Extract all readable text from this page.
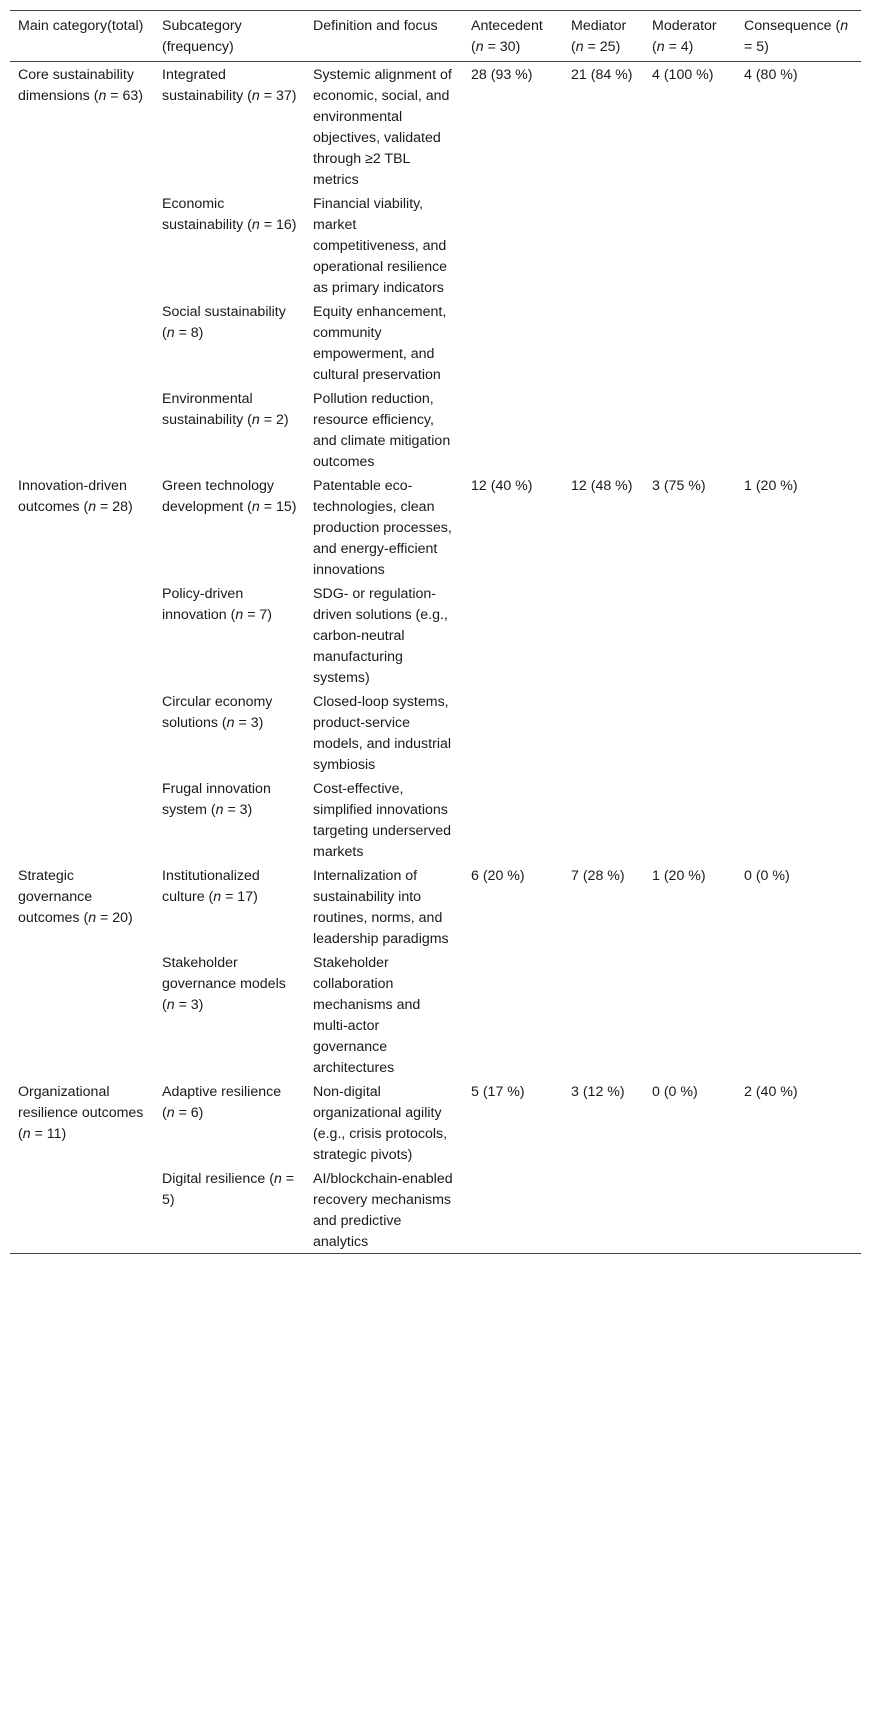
Main category(total)	Subcategory (frequency)	Definition and focus	Antecedent (n = 30)	Mediator (n = 25)	Moderator (n = 4)	Consequence (n = 5)
Core sustainability dimensions (n = 63)	Integrated sustainability (n = 37)	Systemic alignment of economic, social, and environmental objectives, validated through ≥2 TBL metrics	28 (93 %)	21 (84 %)	4 (100 %)	4 (80 %)
	Economic sustainability (n = 16)	Financial viability, market competitiveness, and operational resilience as primary indicators				
	Social sustainability (n = 8)	Equity enhancement, community empowerment, and cultural preservation				
	Environmental sustainability (n = 2)	Pollution reduction, resource efficiency, and climate mitigation outcomes				
Innovation-driven outcomes (n = 28)	Green technology development (n = 15)	Patentable eco-technologies, clean production processes, and energy-efficient innovations	12 (40 %)	12 (48 %)	3 (75 %)	1 (20 %)
	Policy-driven innovation (n = 7)	SDG- or regulation-driven solutions (e.g., carbon-neutral manufacturing systems)				
	Circular economy solutions (n = 3)	Closed-loop systems, product-service models, and industrial symbiosis				
	Frugal innovation system (n = 3)	Cost-effective, simplified innovations targeting underserved markets				
Strategic governance outcomes (n = 20)	Institutionalized culture (n = 17)	Internalization of sustainability into routines, norms, and leadership paradigms	6 (20 %)	7 (28 %)	1 (20 %)	0 (0 %)
	Stakeholder governance models (n = 3)	Stakeholder collaboration mechanisms and multi-actor governance architectures				
Organizational resilience outcomes (n = 11)	Adaptive resilience (n = 6)	Non-digital organizational agility (e.g., crisis protocols, strategic pivots)	5 (17 %)	3 (12 %)	0 (0 %)	2 (40 %)
	Digital resilience (n = 5)	AI/blockchain-enabled recovery mechanisms and predictive analytics				
